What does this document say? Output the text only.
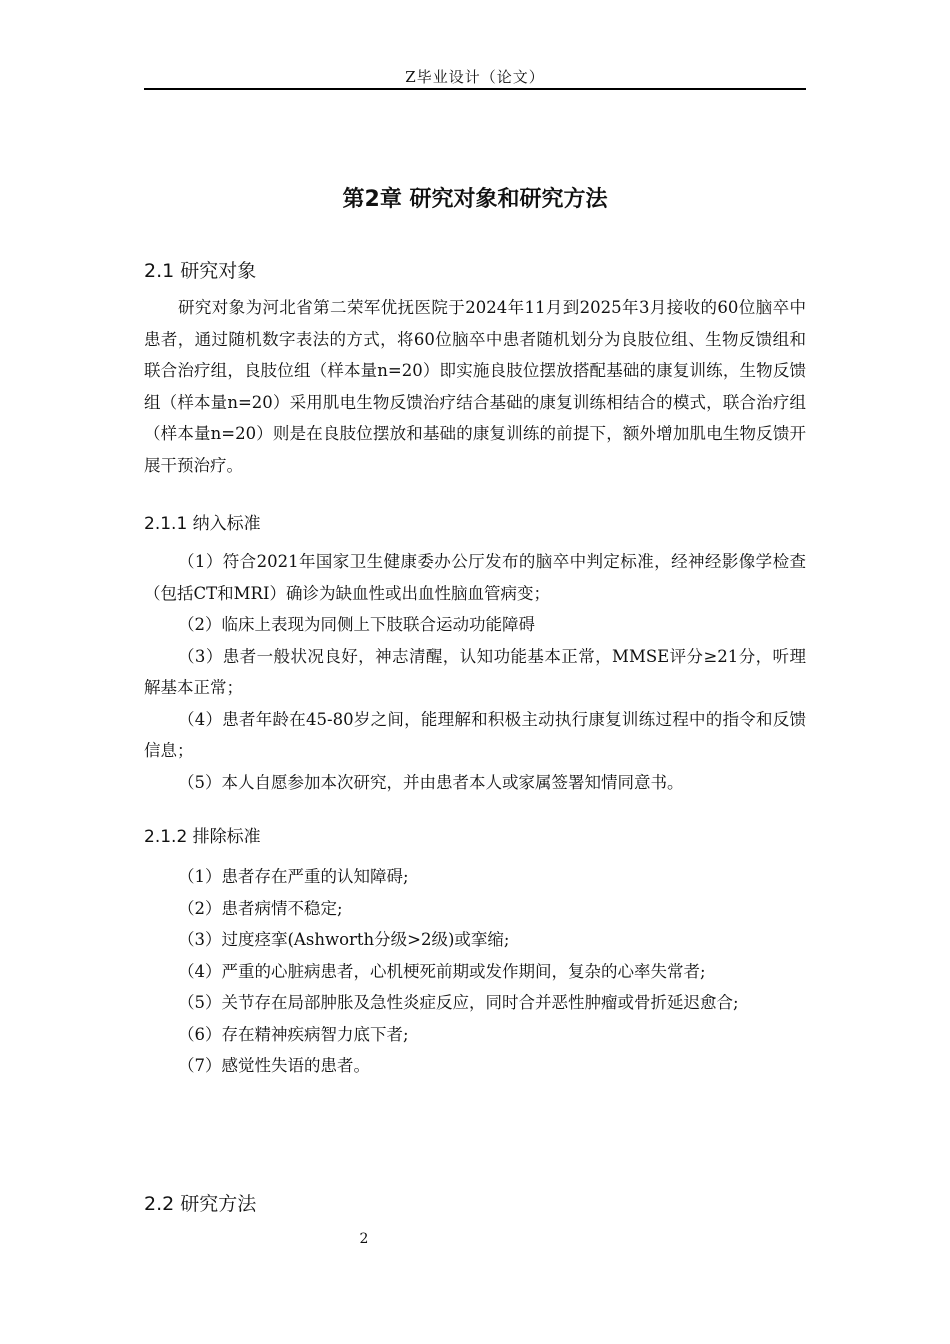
Z毕业设计（论文）
第2章 研究对象和研究方法
2.1 研究对象

研究对象为河北省第二荣军优抚医院于2024年11月到2025年3月接收的60位脑卒中患者，通过随机数字表法的方式，将60位脑卒中患者随机划分为良肢位组、生物反馈组和联合治疗组，良肢位组（样本量n=20）即实施良肢位摆放搭配基础的康复训练，生物反馈组（样本量n=20）采用肌电生物反馈治疗结合基础的康复训练相结合的模式，联合治疗组（样本量n=20）则是在良肢位摆放和基础的康复训练的前提下，额外增加肌电生物反馈开展干预治疗。

2.1.1 纳入标准

（1）符合2021年国家卫生健康委办公厅发布的脑卒中判定标准，经神经影像学检查（包括CT和MRI）确诊为缺血性或出血性脑血管病变；

（2）临床上表现为同侧上下肢联合运动功能障碍

（3）患者一般状况良好，神志清醒，认知功能基本正常，MMSE评分≥21分，听理解基本正常；

（4）患者年龄在45-80岁之间，能理解和积极主动执行康复训练过程中的指令和反馈信息；

（5）本人自愿参加本次研究，并由患者本人或家属签署知情同意书。

2.1.2 排除标准

（1）患者存在严重的认知障碍;

（2）患者病情不稳定;

（3）过度痉挛(Ashworth分级>2级)或挛缩;

（4）严重的心脏病患者，心机梗死前期或发作期间，复杂的心率失常者;

（5）关节存在局部肿胀及急性炎症反应，同时合并恶性肿瘤或骨折延迟愈合;

（6）存在精神疾病智力底下者;

（7）感觉性失语的患者。

2.2 研究方法
2
